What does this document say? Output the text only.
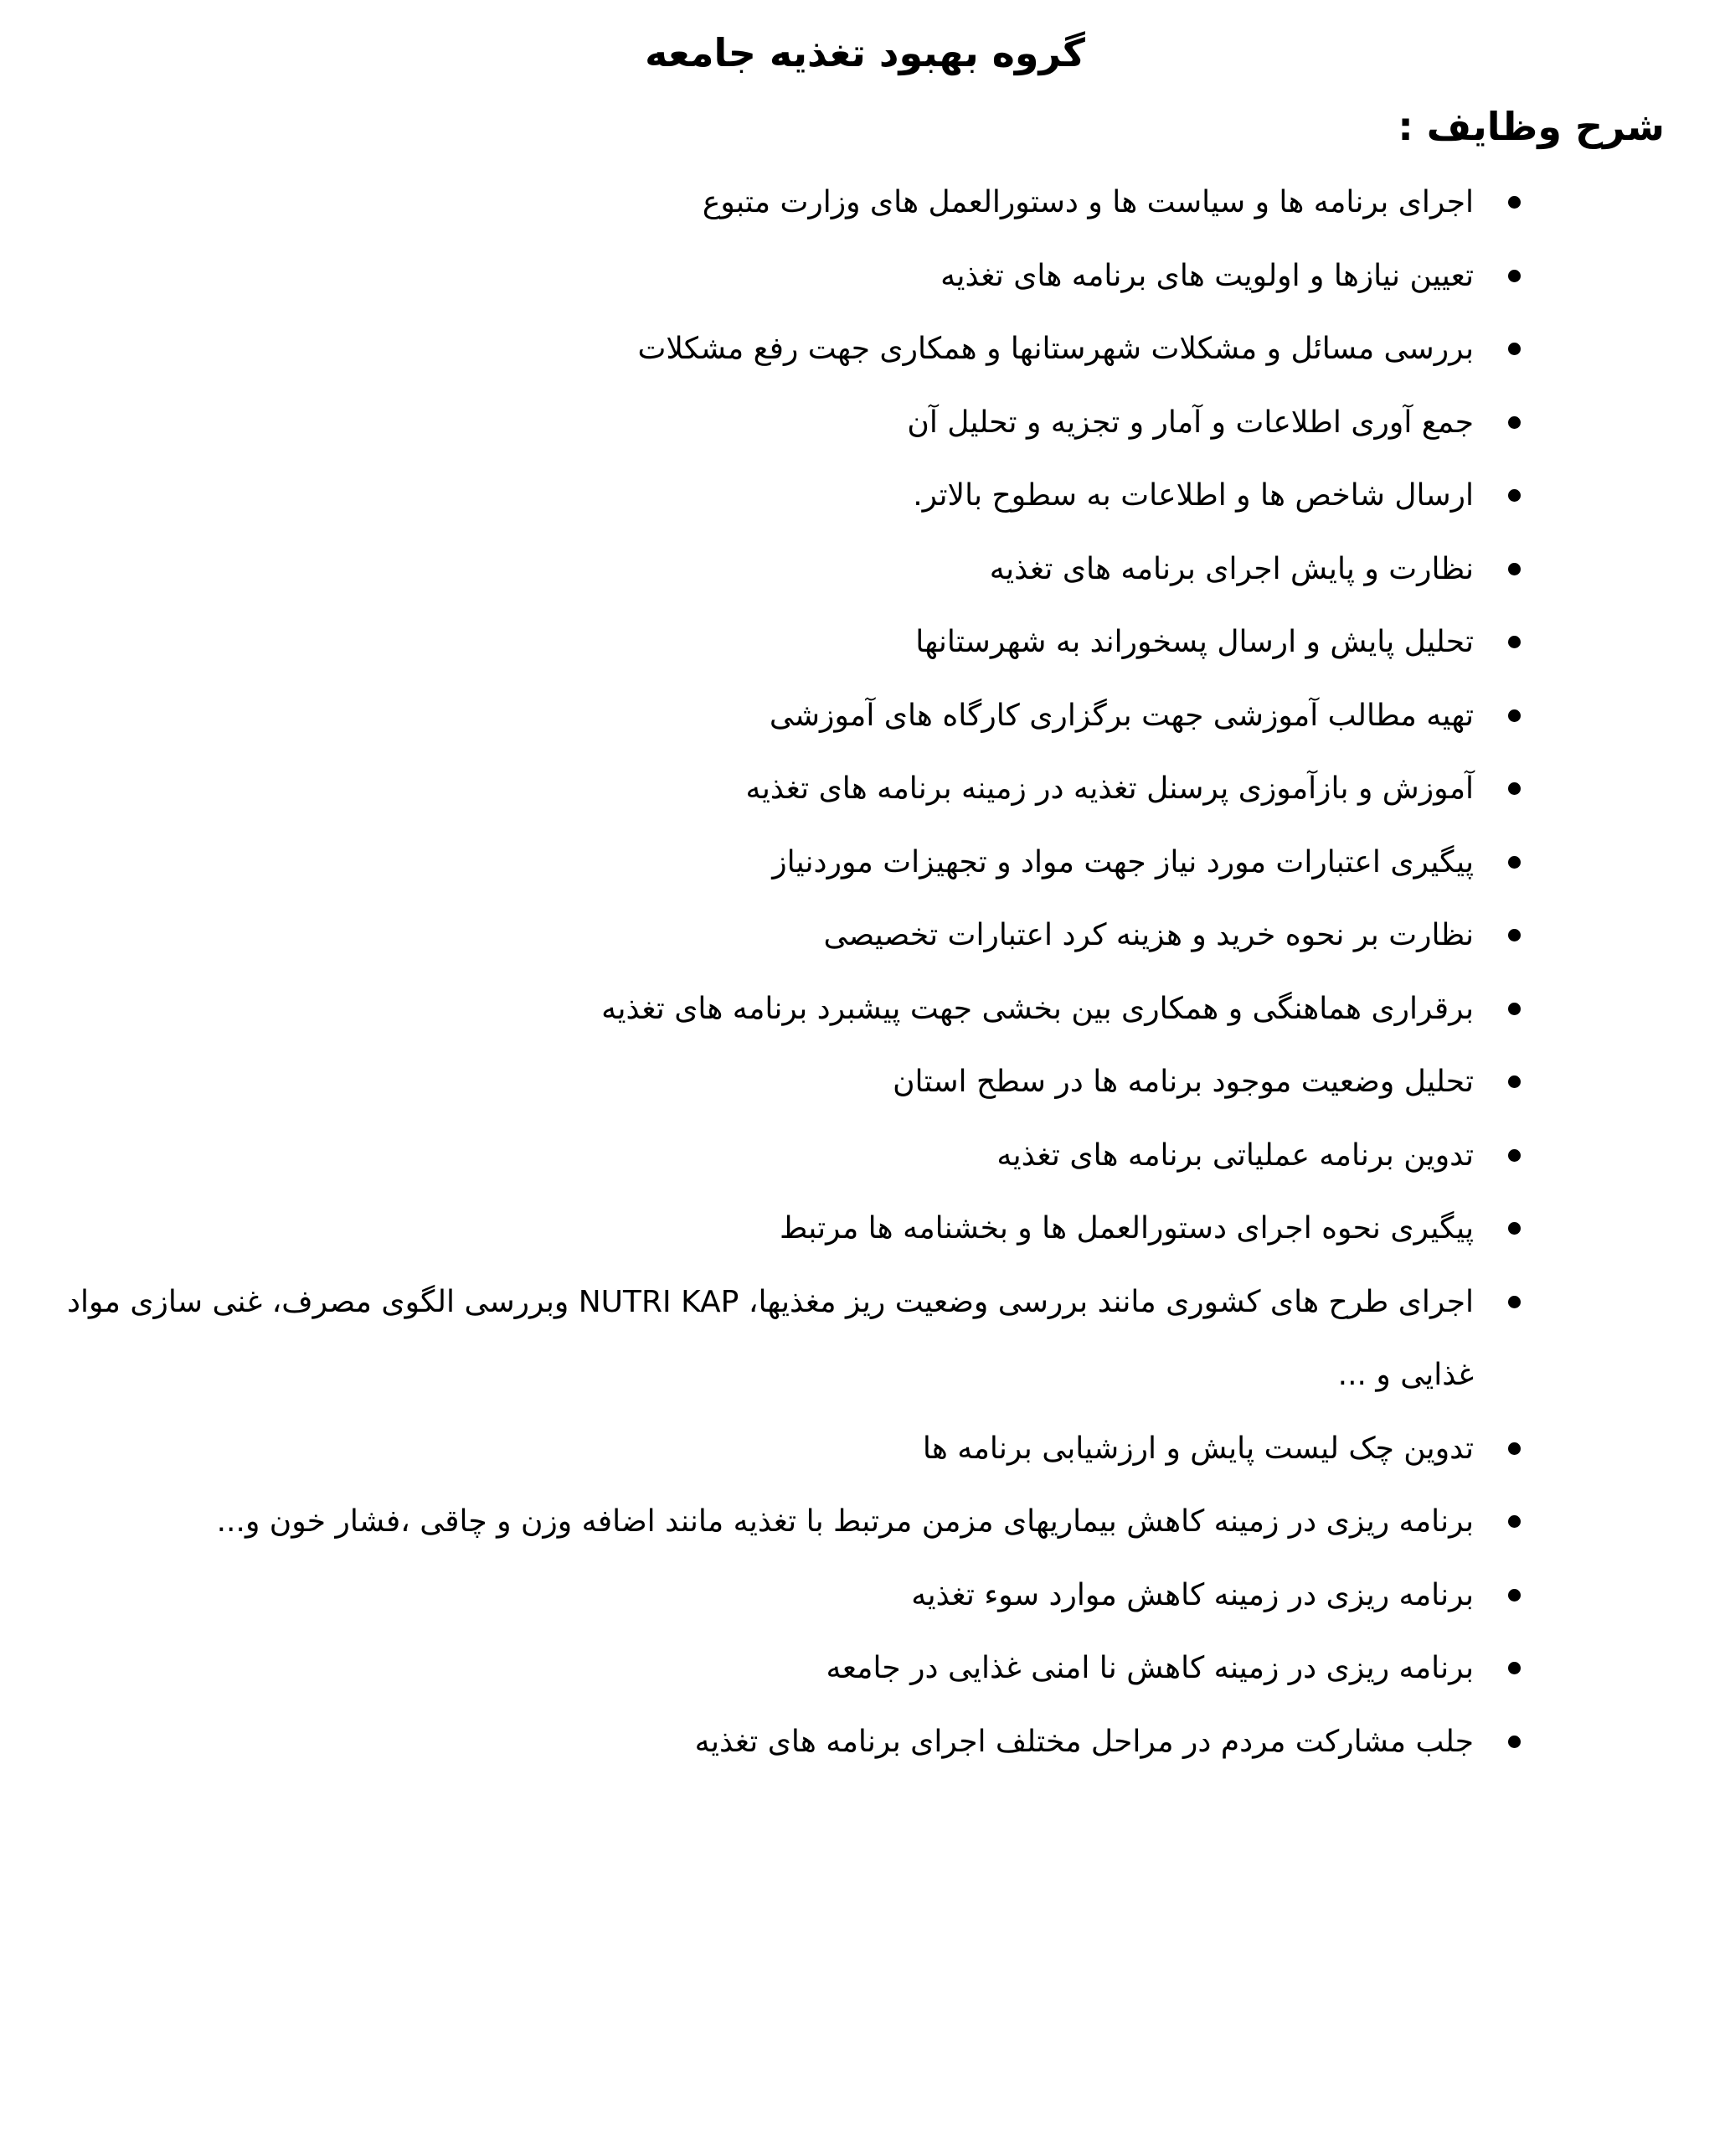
گروه بهبود تغذیه جامعه
شرح وظایف :
اجرای برنامه ها و سیاست ها و دستورالعمل های وزارت متبوع
تعیین نیازها و اولویت های برنامه های تغذیه
بررسی مسائل و مشکلات شهرستانها و همکاری جهت رفع مشکلات
جمع آوری اطلاعات و آمار و تجزیه و تحلیل آن
ارسال شاخص ها و اطلاعات به سطوح بالاتر.
نظارت و پایش اجرای برنامه های تغذیه
تحلیل پایش و ارسال پسخوراند به شهرستانها
تهیه مطالب آموزشی جهت برگزاری کارگاه های آموزشی
آموزش و بازآموزی پرسنل تغذیه در زمینه برنامه های تغذیه
پیگیری اعتبارات مورد نیاز جهت مواد و تجهیزات موردنیاز
نظارت بر نحوه خرید و هزینه کرد اعتبارات تخصیصی
برقراری هماهنگی و همکاری بین بخشی جهت پیشبرد برنامه های تغذیه
تحلیل وضعیت موجود برنامه ها در سطح استان
تدوین برنامه عملیاتی برنامه های تغذیه
پیگیری نحوه اجرای دستورالعمل ها و بخشنامه ها مرتبط
اجرای طرح های کشوری مانند بررسی وضعیت ریز مغذیها، NUTRI KAP وبررسی الگوی مصرف، غنی سازی مواد غذایی و ...
تدوین چک لیست پایش و ارزشیابی برنامه ها
برنامه ریزی در زمینه کاهش بیماریهای مزمن مرتبط با تغذیه مانند اضافه وزن و چاقی ،فشار خون و...
برنامه ریزی در زمینه کاهش موارد سوء تغذیه
برنامه ریزی در زمینه کاهش نا امنی غذایی در جامعه
جلب مشارکت مردم در مراحل مختلف اجرای برنامه های تغذیه
